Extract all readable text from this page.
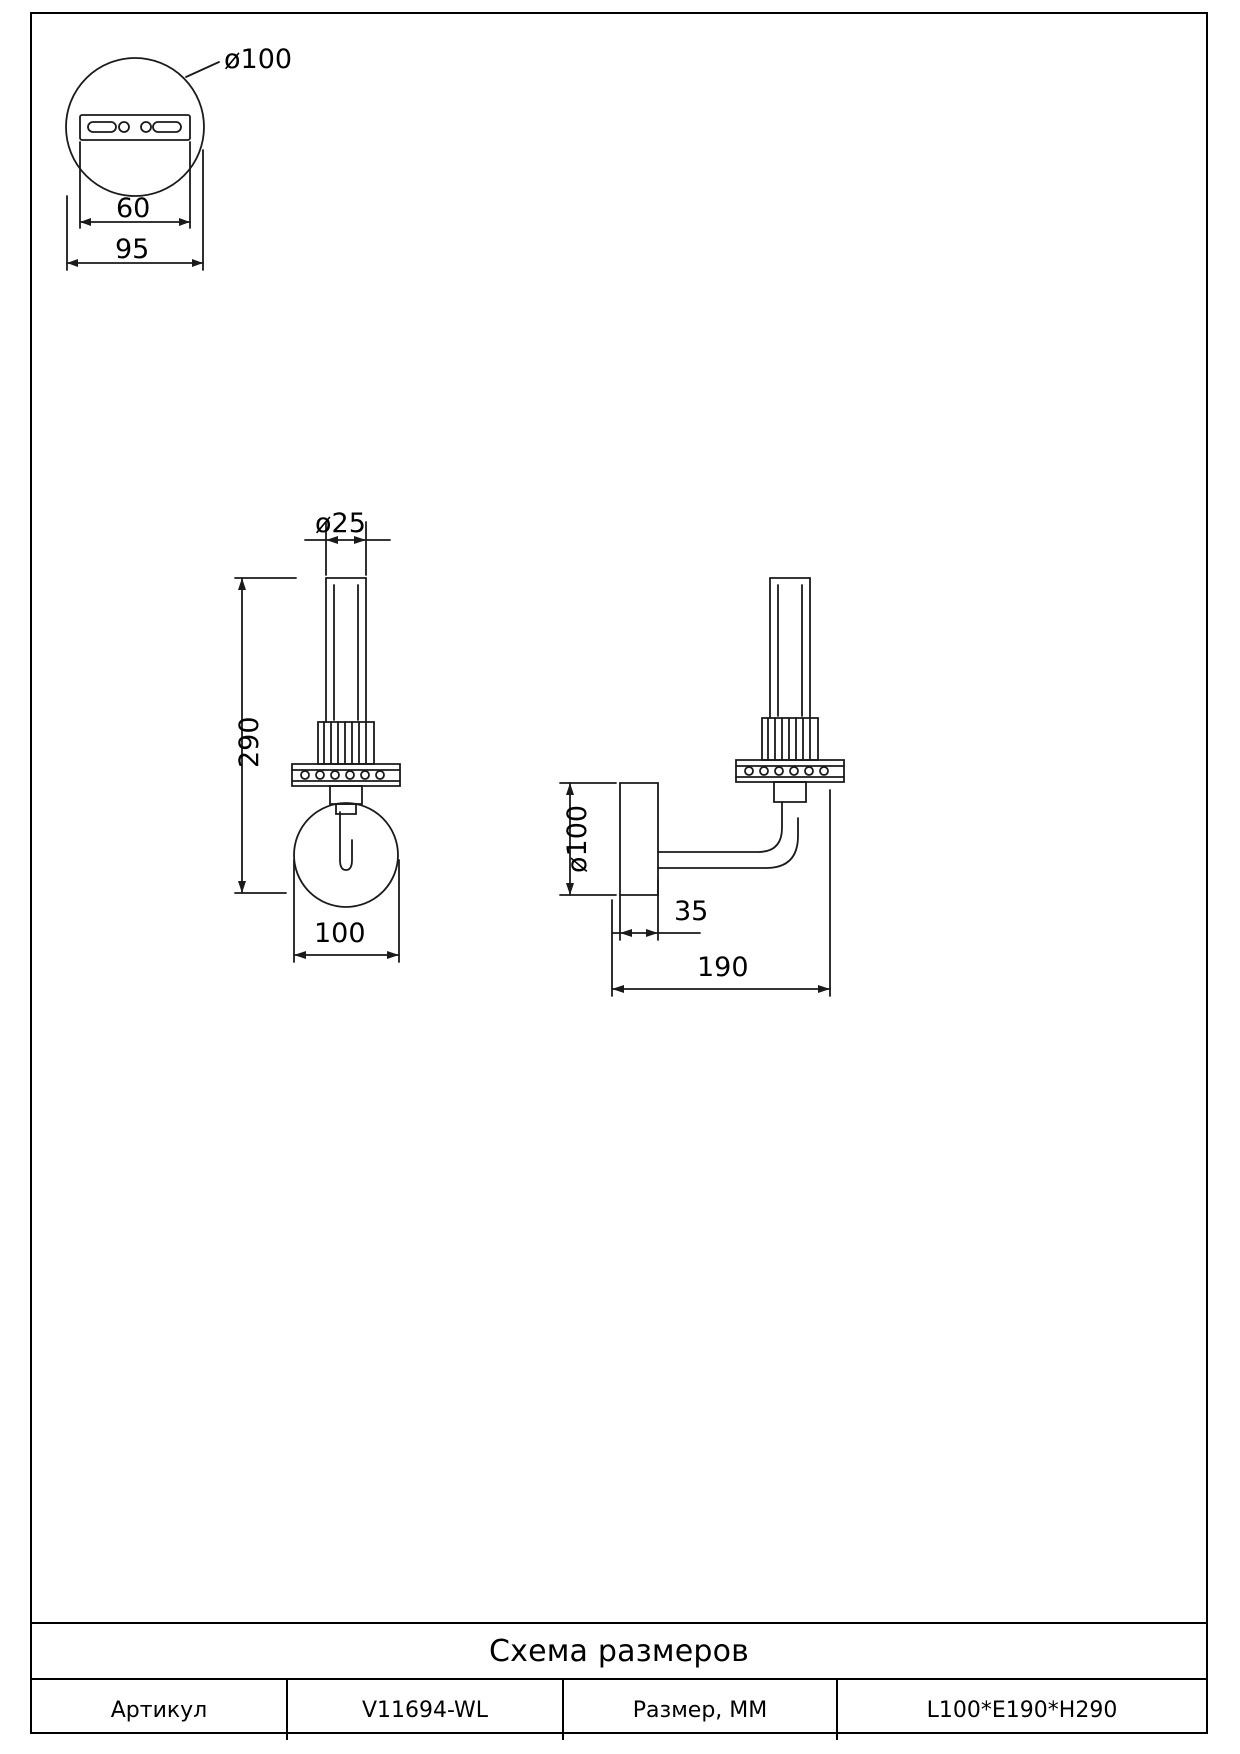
ø100
60
95
ø25
290
100
ø100
35
190
Схема размеров
Артикул	V11694-WL	Размер, ММ	L100*E190*H290
